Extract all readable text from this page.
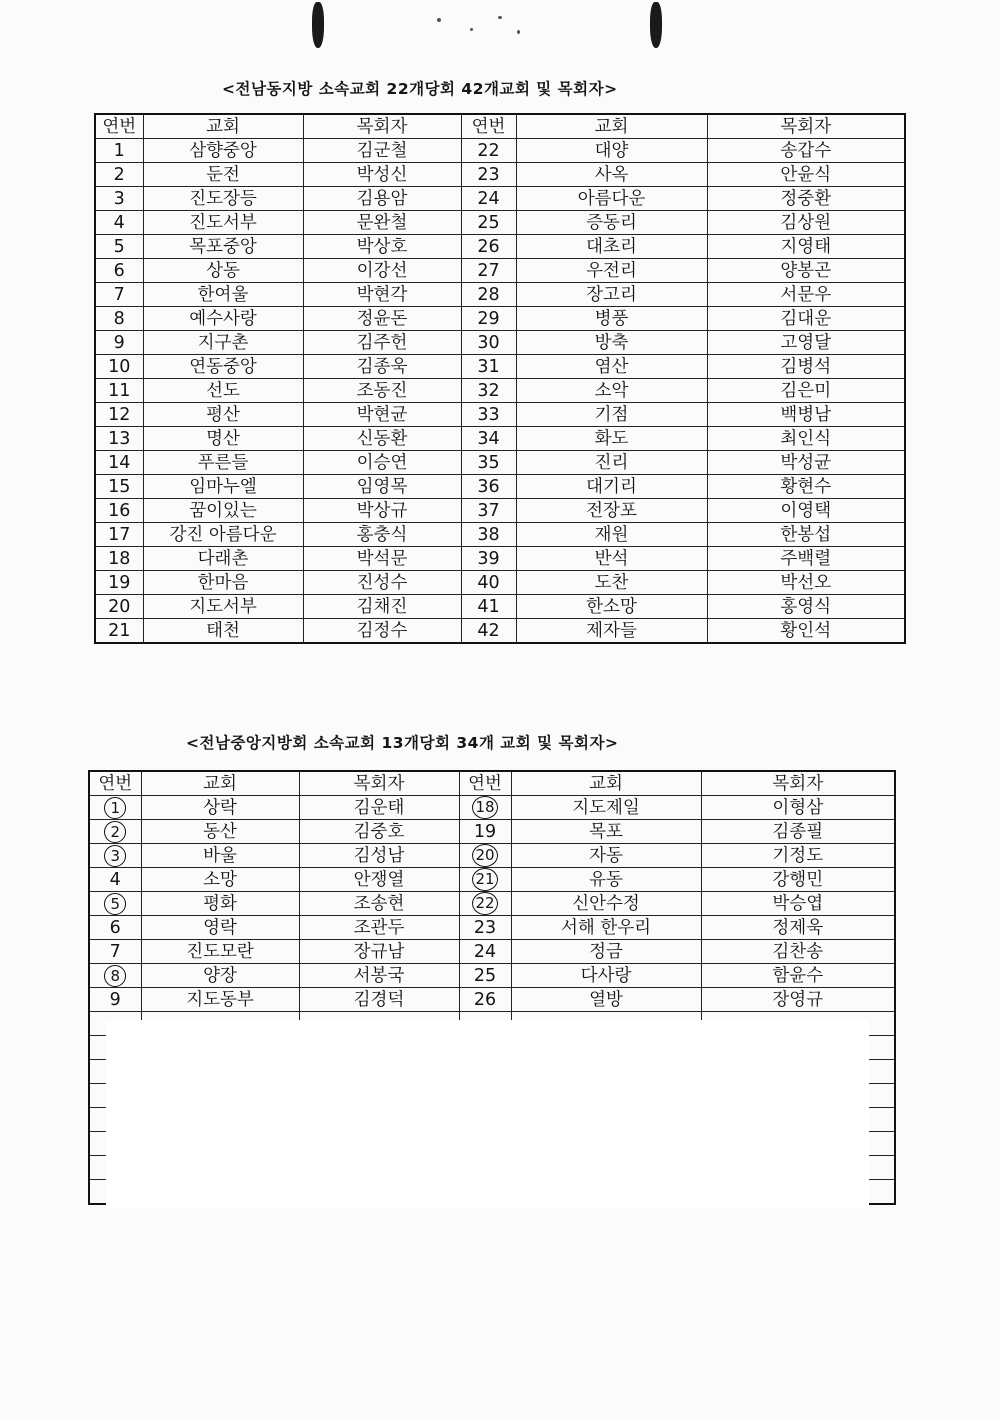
<전남동지방 소속교회 22개당회 42개교회 및 목회자>
연번	교회	목회자	연번	교회	목회자
1	삼향중앙	김군철	22	대양	송갑수
2	둔전	박성신	23	사옥	안윤식
3	진도장등	김용암	24	아름다운	정중환
4	진도서부	문완철	25	증동리	김상원
5	목포중앙	박상호	26	대초리	지영태
6	상동	이강선	27	우전리	양봉곤
7	한여울	박현각	28	장고리	서문우
8	예수사랑	정윤돈	29	병풍	김대운
9	지구촌	김주헌	30	방축	고영달
10	연동중앙	김종욱	31	염산	김병석
11	선도	조동진	32	소악	김은미
12	평산	박현균	33	기점	백병남
13	명산	신동환	34	화도	최인식
14	푸른들	이승연	35	진리	박성균
15	임마누엘	임영목	36	대기리	황현수
16	꿈이있는	박상규	37	전장포	이영택
17	강진 아름다운	홍충식	38	재원	한봉섭
18	다래촌	박석문	39	반석	주백렬
19	한마음	진성수	40	도찬	박선오
20	지도서부	김채진	41	한소망	홍영식
21	태천	김정수	42	제자들	황인석
<전남중앙지방회 소속교회 13개당회 34개 교회 및 목회자>
연번	교회	목회자	연번	교회	목회자
1	상락	김운태	18	지도제일	이형삼
2	동산	김중호	19	목포	김종필
3	바울	김성남	20	자동	기정도
4	소망	안쟁열	21	유동	강행민
5	평화	조송현	22	신안수정	박승엽
6	영락	조관두	23	서해 한우리	정제욱
7	진도모란	장규남	24	정금	김찬송
8	양장	서봉국	25	다사랑	함윤수
9	지도동부	김경덕	26	열방	장영규
